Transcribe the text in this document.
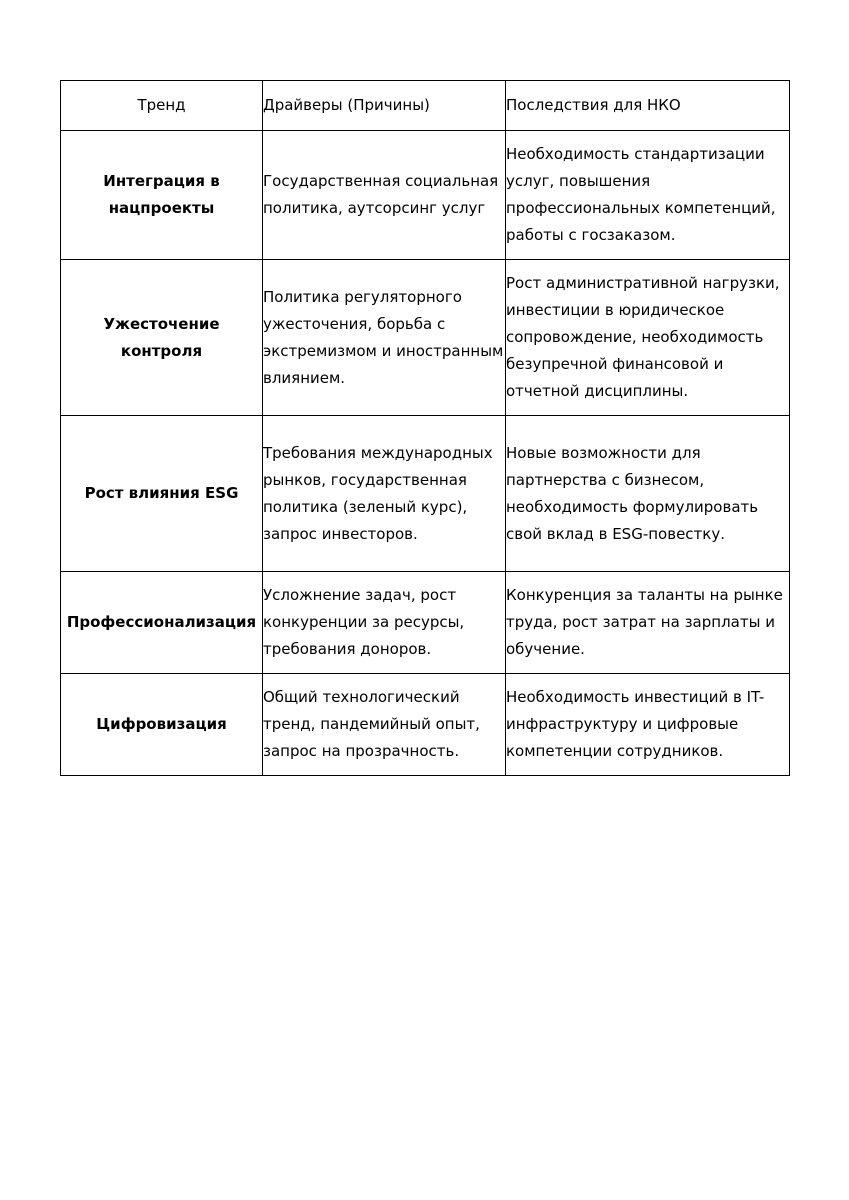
Тренд	Драйверы (Причины)	Последствия для НКО
Интеграция в нацпроекты	Государственная социальная политика, аутсорсинг услуг	Необходимость стандартизации услуг, повышения профессиональных компетенций, работы с госзаказом.
Ужесточение контроля	Политика регуляторного ужесточения, борьба с экстремизмом и иностранным влиянием.	Рост административной нагрузки, инвестиции в юридическое сопровождение, необходимость безупречной финансовой и отчетной дисциплины.
Рост влияния ESG	Требования международных рынков, государственная политика (зеленый курс), запрос инвесторов.	Новые возможности для партнерства с бизнесом, необходимость формулировать свой вклад в ESG-повестку.
Профессионализация	Усложнение задач, рост конкуренции за ресурсы, требования доноров.	Конкуренция за таланты на рынке труда, рост затрат на зарплаты и обучение.
Цифровизация	Общий технологический тренд, пандемийный опыт, запрос на прозрачность.	Необходимость инвестиций в IT-инфраструктуру и цифровые компетенции сотрудников.
